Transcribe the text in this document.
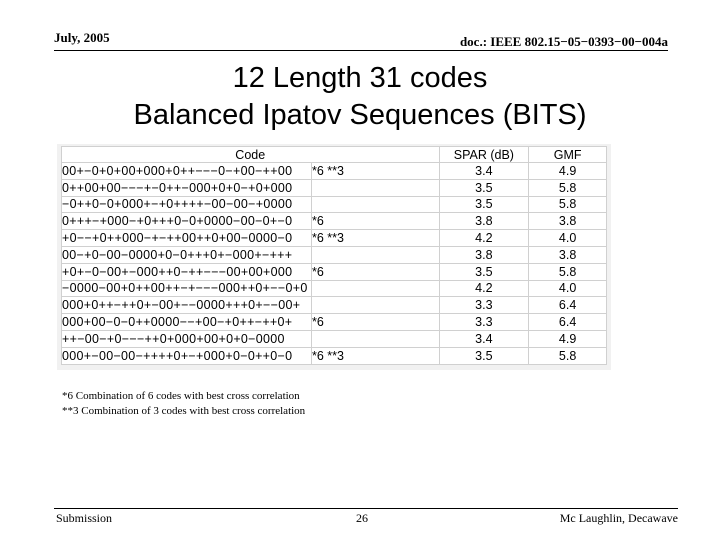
July, 2005	doc.: IEEE 802.15−05−0393−00−004a
12 Length 31 codes
Balanced Ipatov Sequences (BITS)
Code		SPAR (dB)	GMF
00+−0+0+00+000+0++−−−0−+00−++00	*6 **3	3.4	4.9
0++00+00−−−+−0++−000+0+0−+0+000		3.5	5.8
−0++0−0+000+−+0++++−00−00−+0000		3.5	5.8
0+++−+000−+0+++0−0+0000−00−0+−0	*6	3.8	3.8
+0−−+0++000−+−++00++0+00−0000−0	*6 **3	4.2	4.0
00−+0−00−0000+0−0+++0+−000+−+++		3.8	3.8
+0+−0−00+−000++0−++−−−00+00+000	*6	3.5	5.8
−0000−00+0++00++−+−−−000++0+−−0+0		4.2	4.0
000+0++−++0+−00+−−0000+++0+−−00+		3.3	6.4
000+00−0−0++0000−−+00−+0++−++0+	*6	3.3	6.4
++−00−+0−−−++0+000+00+0+0−0000		3.4	4.9
000+−00−00−++++0+−+000+0−0++0−0	*6 **3	3.5	5.8
*6 Combination of 6 codes with best cross correlation
**3 Combination of 3 codes with best cross correlation
Submission	26	Mc Laughlin, Decawave
